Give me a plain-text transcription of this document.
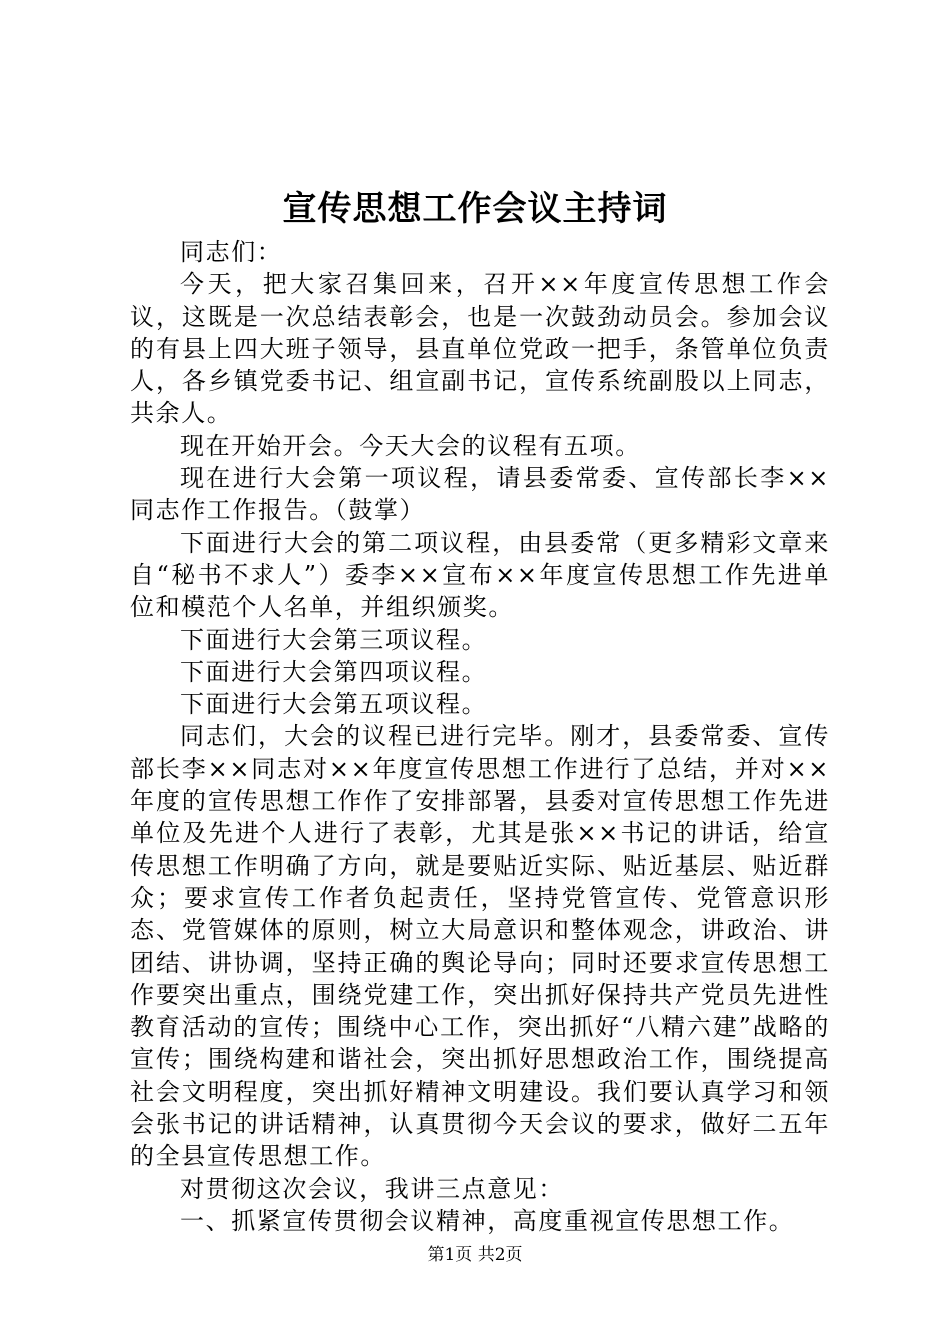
宣传思想工作会议主持词

同志们：

今天，把大家召集回来，召开××年度宣传思想工作会议，这既是一次总结表彰会，也是一次鼓劲动员会。参加会议的有县上四大班子领导，县直单位党政一把手，条管单位负责人，各乡镇党委书记、组宣副书记，宣传系统副股以上同志，共余人。

现在开始开会。今天大会的议程有五项。

现在进行大会第一项议程，请县委常委、宣传部长李××同志作工作报告。（鼓掌）

下面进行大会的第二项议程，由县委常（更多精彩文章来自“秘书不求人”）委李××宣布××年度宣传思想工作先进单位和模范个人名单，并组织颁奖。

下面进行大会第三项议程。

下面进行大会第四项议程。

下面进行大会第五项议程。

同志们，大会的议程已进行完毕。刚才，县委常委、宣传部长李××同志对××年度宣传思想工作进行了总结，并对××年度的宣传思想工作作了安排部署，县委对宣传思想工作先进单位及先进个人进行了表彰，尤其是张××书记的讲话，给宣传思想工作明确了方向，就是要贴近实际、贴近基层、贴近群众；要求宣传工作者负起责任，坚持党管宣传、党管意识形态、党管媒体的原则，树立大局意识和整体观念，讲政治、讲团结、讲协调，坚持正确的舆论导向；同时还要求宣传思想工作要突出重点，围绕党建工作，突出抓好保持共产党员先进性教育活动的宣传；围绕中心工作，突出抓好“八精六建”战略的宣传；围绕构建和谐社会，突出抓好思想政治工作，围绕提高社会文明程度，突出抓好精神文明建设。我们要认真学习和领会张书记的讲话精神，认真贯彻今天会议的要求，做好二五年的全县宣传思想工作。

对贯彻这次会议，我讲三点意见：

一、抓紧宣传贯彻会议精神，高度重视宣传思想工作。

第1页 共2页
